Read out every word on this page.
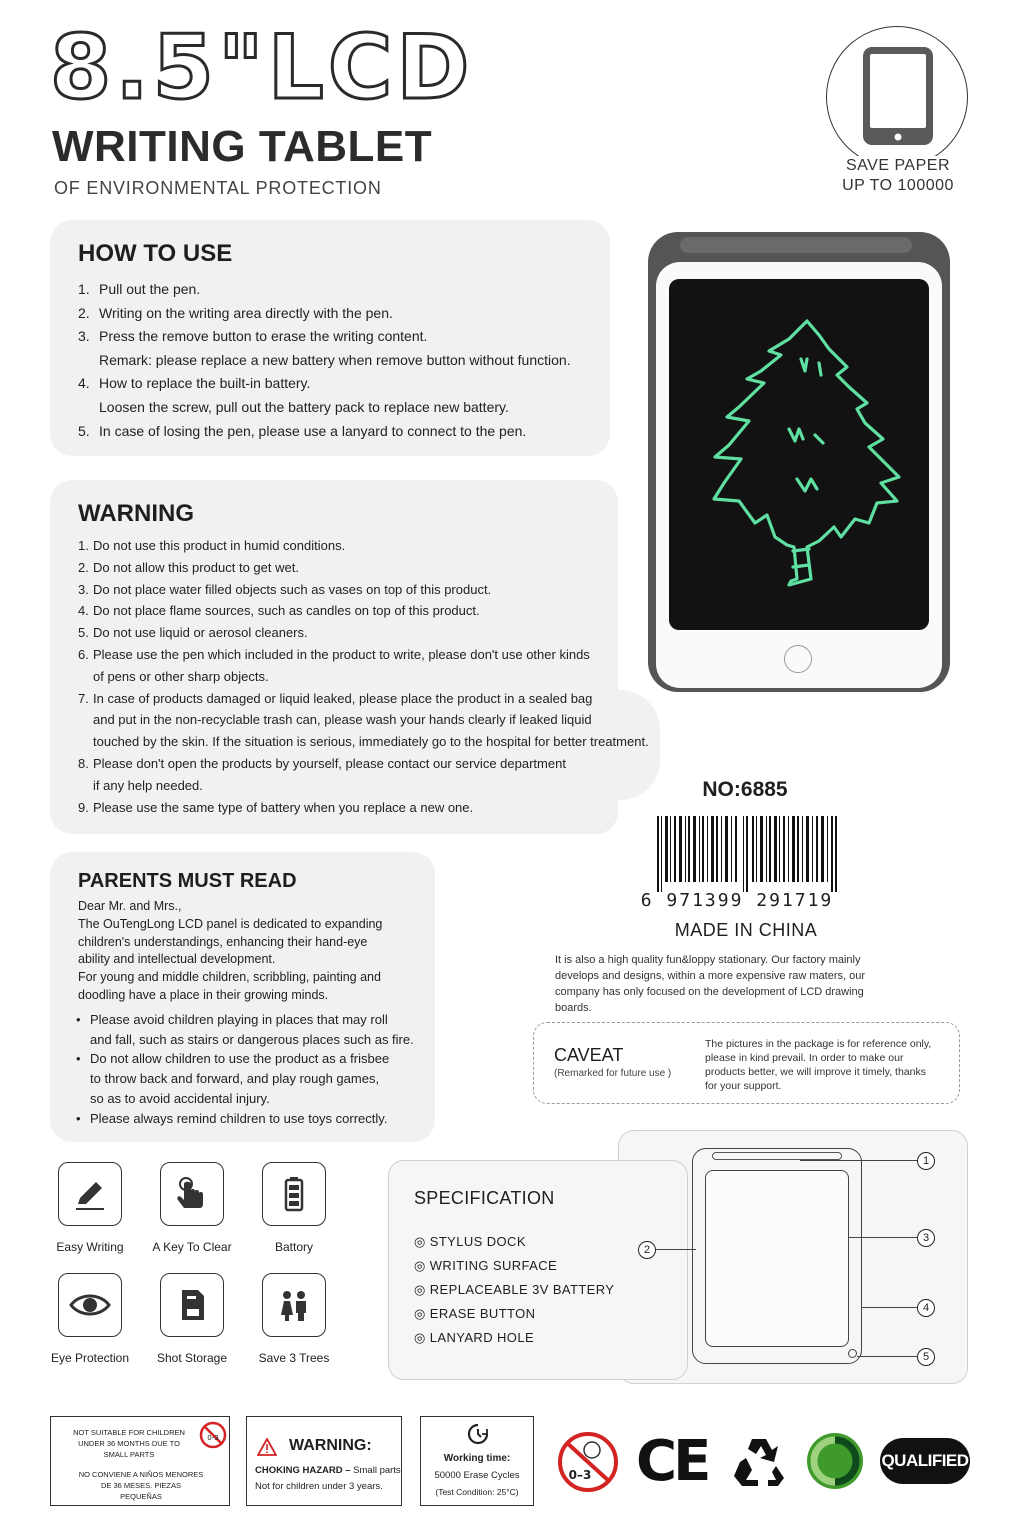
8.5"LCD
WRITING TABLET
OF ENVIRONMENTAL PROTECTION
SAVE PAPER
UP TO 100000
HOW TO USE
1. Pull out the pen.
2. Writing on the writing area directly with the pen.
3. Press the remove button to erase the writing content.
Remark: please replace a new battery when remove button without function.
4. How to replace the built-in battery.
Loosen the screw, pull out the battery pack to replace new battery.
5. In case of losing the pen, please use a lanyard to connect to the pen.
WARNING
1. Do not use this product in humid conditions.
2. Do not allow this product to get wet.
3. Do not place water filled objects such as vases on top of this product.
4. Do not place flame sources, such as candles on top of this product.
5. Do not use liquid or aerosol cleaners.
6. Please use the pen which included in the product to write, please don't use other kinds
of pens or other sharp objects.
7. In case of products damaged or liquid leaked, please place the product in a sealed bag
and put in the non-recyclable trash can, please wash your hands clearly if leaked liquid
touched by the skin. If the situation is serious, immediately go to the hospital for better treatment.
8. Please don't open the products by yourself, please contact our service department
if any help needed.
9. Please use the same type of battery when you replace a new one.
PARENTS MUST READ
Dear Mr. and Mrs.,
The OuTengLong LCD panel is dedicated to expanding
children's understandings, enhancing their hand-eye
ability and intellectual development.
For young and middle children, scribbling, painting and
doodling have a place in their growing minds.
• Please avoid children playing in places that may roll
and fall, such as stairs or dangerous places such as fire.
• Do not allow children to use the product as a frisbee
to throw back and forward, and play rough games,
so as to avoid accidental injury.
• Please always remind children to use toys correctly.
NO:6885
6 971399 291719
MADE IN CHINA
It is also a high quality fun&loppy stationary. Our factory mainly
develops and designs, within a more expensive raw maters, our
company has only focused on the development of LCD drawing
boards.
CAVEAT
(Remarked for future use )
The pictures in the package is for reference only,
please in kind prevail. In order to make our
products better, we will improve it timely, thanks
for your support.
Easy Writing	A Key To Clear	Battory
Eye Protection	Shot Storage	Save 3 Trees
SPECIFICATION
◎ STYLUS DOCK
◎ WRITING SURFACE
◎ REPLACEABLE 3V BATTERY
◎ ERASE BUTTON
◎ LANYARD HOLE
1
2
3
4
5
NOT SUITABLE FOR CHILDREN
UNDER 36 MONTHS DUE TO
SMALL PARTS
0-3
NO CONVIENE A NIÑOS MENORES
DE 36 MESES. PIEZAS
PEQUEÑAS
WARNING:
CHOKING HAZARD – Small parts
Not for children under 3 years.
Working time:
50000 Erase Cycles
(Test Condition: 25°C)
0–3 CE	QUALIFIED
